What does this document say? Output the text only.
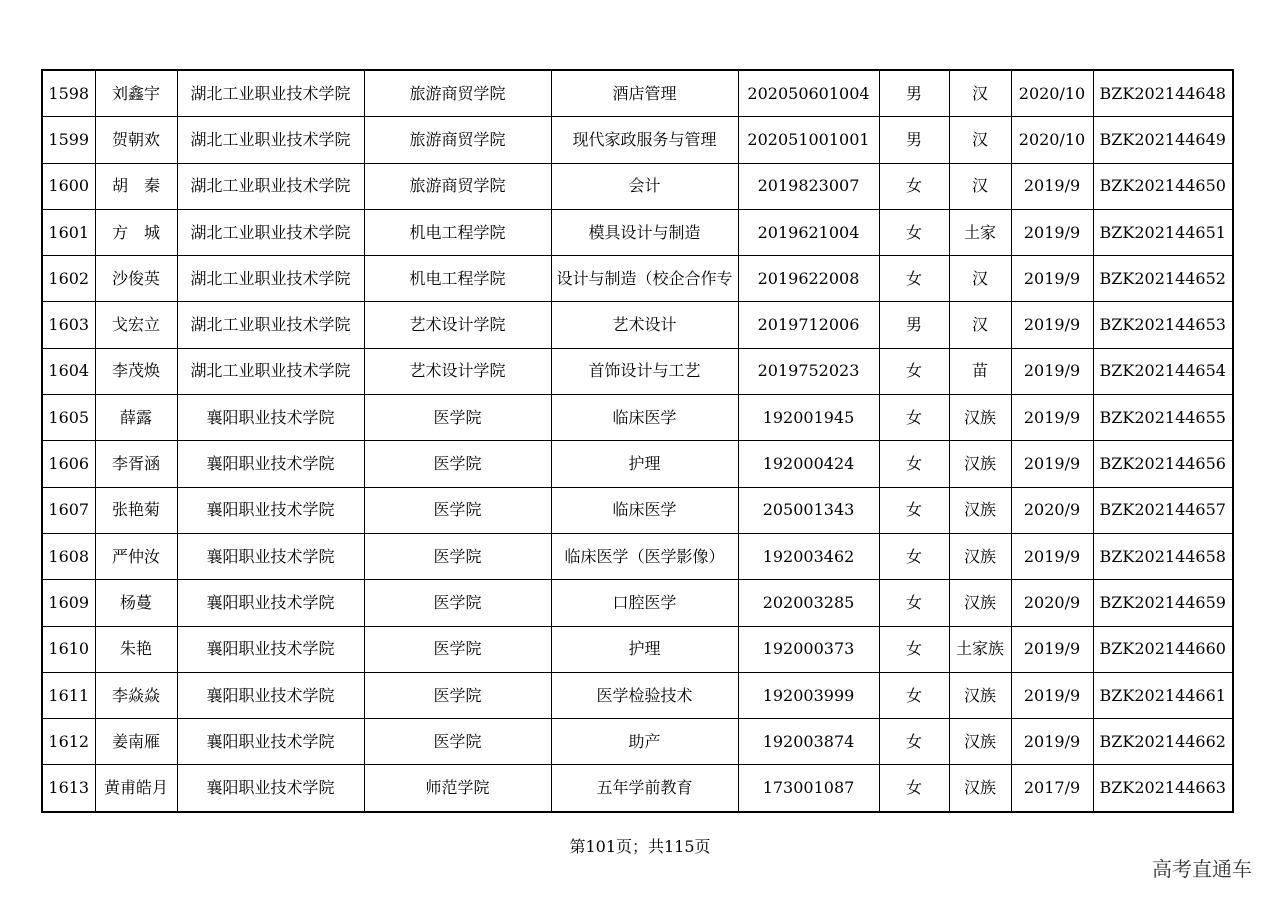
1598	刘鑫宇	湖北工业职业技术学院	旅游商贸学院	酒店管理	202050601004	男	汉	2020/10	BZK202144648
1599	贺朝欢	湖北工业职业技术学院	旅游商贸学院	现代家政服务与管理	202051001001	男	汉	2020/10	BZK202144649
1600	胡　秦	湖北工业职业技术学院	旅游商贸学院	会计	2019823007	女	汉	2019/9	BZK202144650
1601	方　城	湖北工业职业技术学院	机电工程学院	模具设计与制造	2019621004	女	土家	2019/9	BZK202144651
1602	沙俊英	湖北工业职业技术学院	机电工程学院	设计与制造（校企合作专	2019622008	女	汉	2019/9	BZK202144652
1603	戈宏立	湖北工业职业技术学院	艺术设计学院	艺术设计	2019712006	男	汉	2019/9	BZK202144653
1604	李茂焕	湖北工业职业技术学院	艺术设计学院	首饰设计与工艺	2019752023	女	苗	2019/9	BZK202144654
1605	薛露	襄阳职业技术学院	医学院	临床医学	192001945	女	汉族	2019/9	BZK202144655
1606	李胥涵	襄阳职业技术学院	医学院	护理	192000424	女	汉族	2019/9	BZK202144656
1607	张艳菊	襄阳职业技术学院	医学院	临床医学	205001343	女	汉族	2020/9	BZK202144657
1608	严仲汝	襄阳职业技术学院	医学院	临床医学（医学影像）	192003462	女	汉族	2019/9	BZK202144658
1609	杨蔓	襄阳职业技术学院	医学院	口腔医学	202003285	女	汉族	2020/9	BZK202144659
1610	朱艳	襄阳职业技术学院	医学院	护理	192000373	女	土家族	2019/9	BZK202144660
1611	李焱焱	襄阳职业技术学院	医学院	医学检验技术	192003999	女	汉族	2019/9	BZK202144661
1612	姜南雁	襄阳职业技术学院	医学院	助产	192003874	女	汉族	2019/9	BZK202144662
1613	黄甫皓月	襄阳职业技术学院	师范学院	五年学前教育	173001087	女	汉族	2017/9	BZK202144663
第101页；共115页
高考直通车
